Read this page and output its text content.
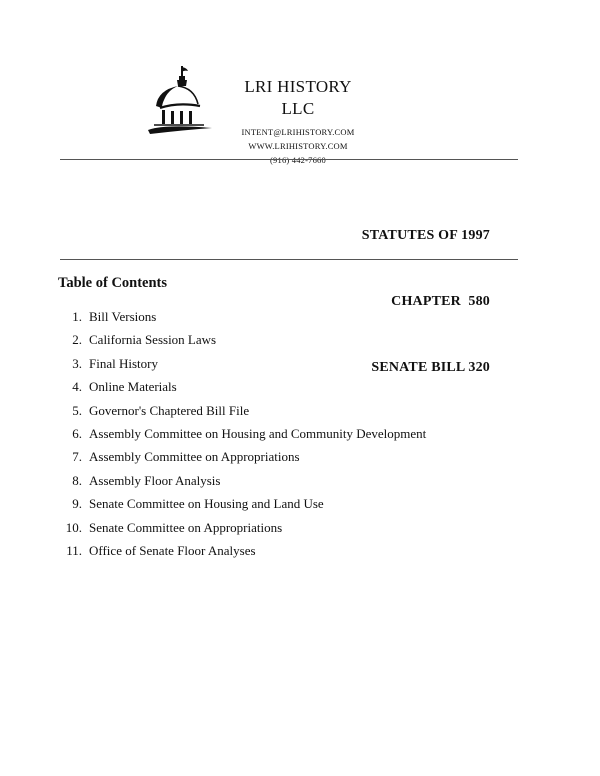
LRI HISTORY LLC
INTENT@LRIHISTORY.COM
WWW.LRIHISTORY.COM
(916) 442-7660

STATUTES OF 1997

CHAPTER  580

SENATE BILL 320

Table of Contents
1. Bill Versions
2. California Session Laws
3. Final History
4. Online Materials
5. Governor's Chaptered Bill File
6. Assembly Committee on Housing and Community Development
7. Assembly Committee on Appropriations
8. Assembly Floor Analysis
9. Senate Committee on Housing and Land Use
10. Senate Committee on Appropriations
11. Office of Senate Floor Analyses
